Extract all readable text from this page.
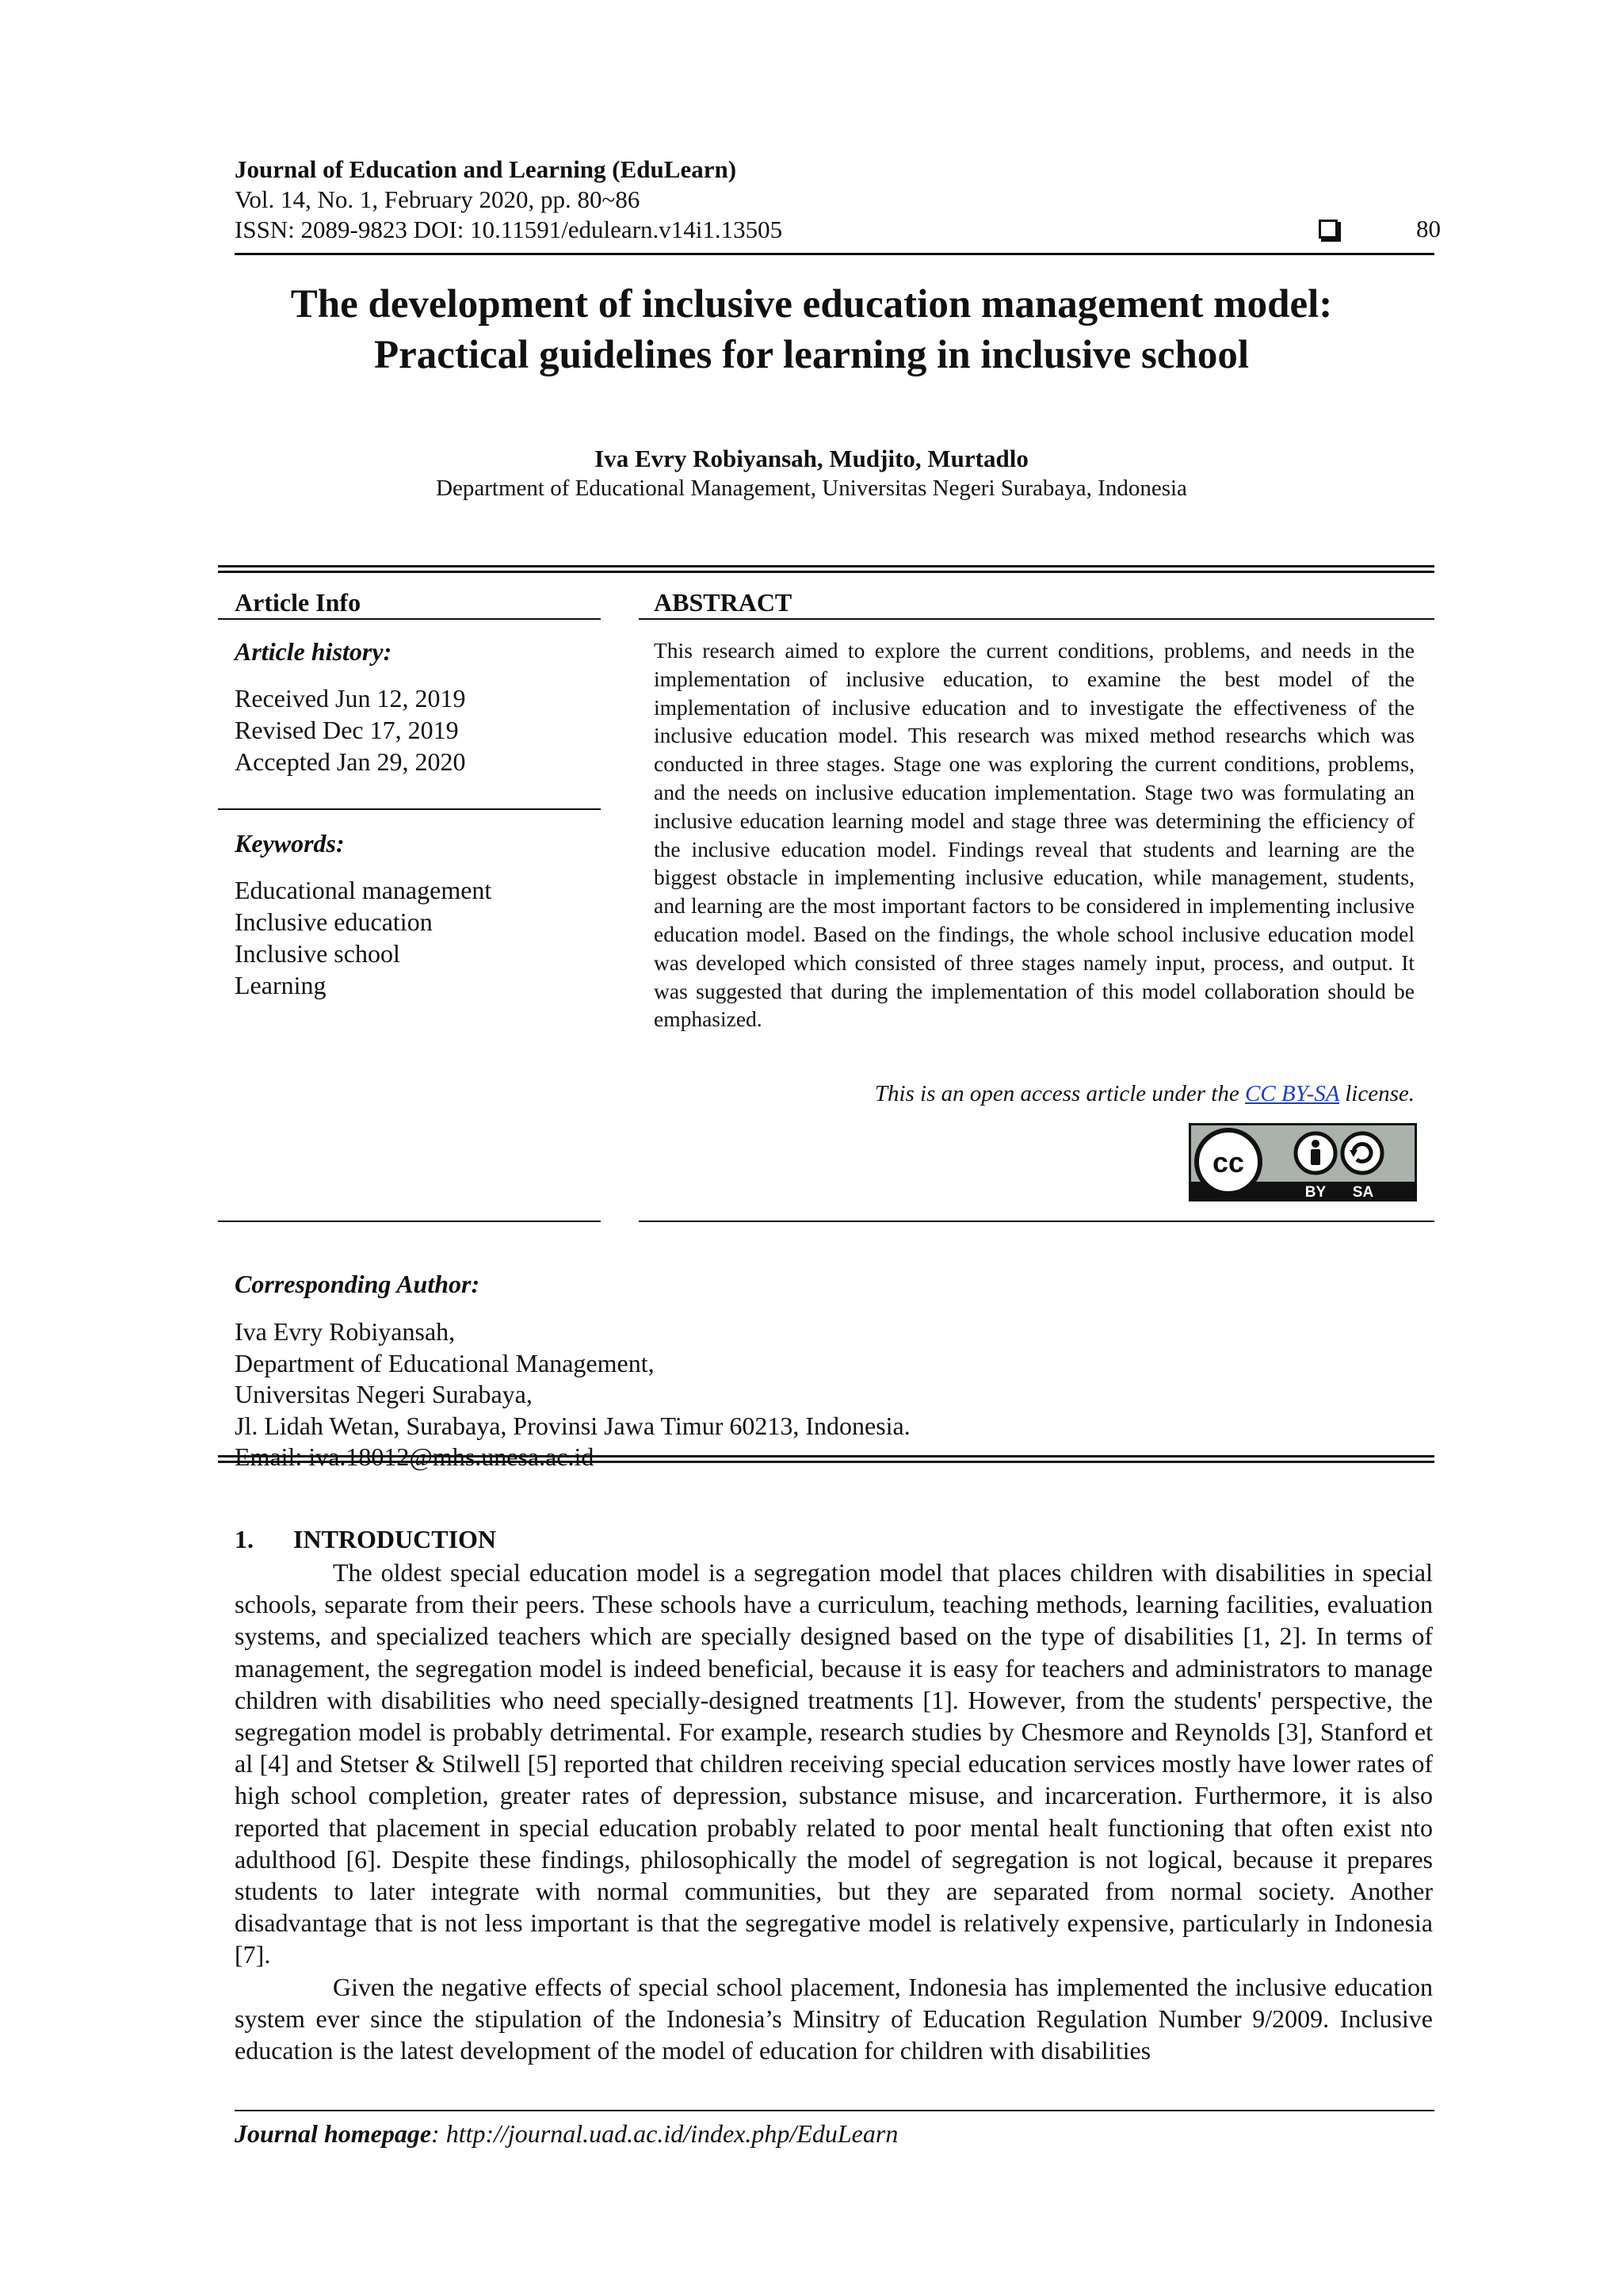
Journal of Education and Learning (EduLearn)
Vol. 14, No. 1, February 2020, pp. 80~86
ISSN: 2089-9823 DOI: 10.11591/edulearn.v14i1.13505	80
The development of inclusive education management model:
Practical guidelines for learning in inclusive school
Iva Evry Robiyansah, Mudjito, Murtadlo
Department of Educational Management, Universitas Negeri Surabaya, Indonesia
Article Info
Article history:
Received Jun 12, 2019
Revised Dec 17, 2019
Accepted Jan 29, 2020
Keywords:
Educational management
Inclusive education
Inclusive school
Learning
ABSTRACT
This research aimed to explore the current conditions, problems, and needs in the implementation of inclusive education, to examine the best model of the implementation of inclusive education and to investigate the effectiveness of the inclusive education model. This research was mixed method researchs which was conducted in three stages. Stage one was exploring the current conditions, problems, and the needs on inclusive education implementation. Stage two was formulating an inclusive education learning model and stage three was determining the efficiency of the inclusive education model. Findings reveal that students and learning are the biggest obstacle in implementing inclusive education, while management, students, and learning are the most important factors to be considered in implementing inclusive education model. Based on the findings, the whole school inclusive education model was developed which consisted of three stages namely input, process, and output. It was suggested that during the implementation of this model collaboration should be emphasized.
This is an open access article under the CC BY-SA license.
cc
BY SA
Corresponding Author:
Iva Evry Robiyansah,
Department of Educational Management,
Universitas Negeri Surabaya,
Jl. Lidah Wetan, Surabaya, Provinsi Jawa Timur 60213, Indonesia.
1. INTRODUCTION

The oldest special education model is a segregation model that places children with disabilities in special schools, separate from their peers. These schools have a curriculum, teaching methods, learning facilities, evaluation systems, and specialized teachers which are specially designed based on the type of disabilities [1, 2]. In terms of management, the segregation model is indeed beneficial, because it is easy for teachers and administrators to manage children with disabilities who need specially-designed treatments [1]. However, from the students' perspective, the segregation model is probably detrimental. For example, research studies by Chesmore and Reynolds [3], Stanford et al [4] and Stetser & Stilwell [5] reported that children receiving special education services mostly have lower rates of high school completion, greater rates of depression, substance misuse, and incarceration. Furthermore, it is also reported that placement in special education probably related to poor mental healt functioning that often exist nto adulthood [6]. Despite these findings, philosophically the model of segregation is not logical, because it prepares students to later integrate with normal communities, but they are separated from normal society. Another disadvantage that is not less important is that the segregative model is relatively expensive, particularly in Indonesia [7].

Given the negative effects of special school placement, Indonesia has implemented the inclusive education system ever since the stipulation of the Indonesia’s Minsitry of Education Regulation Number 9/2009. Inclusive education is the latest development of the model of education for children with disabilities

Journal homepage: http://journal.uad.ac.id/index.php/EduLearn
